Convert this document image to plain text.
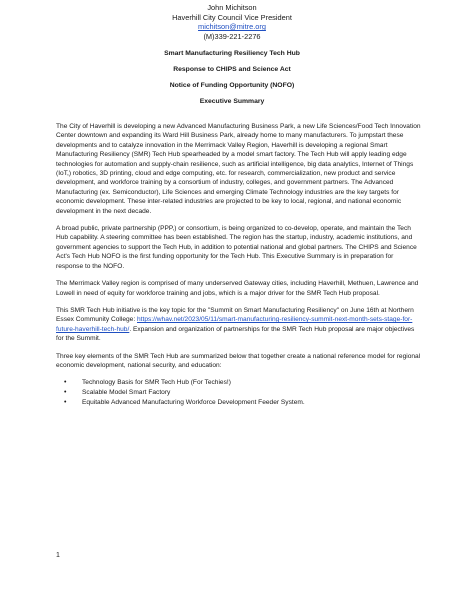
John Michitson
Haverhill City Council Vice President
michitson@mitre.org
(M)339-221-2276
Smart Manufacturing Resiliency Tech Hub
Response to CHIPS and Science Act
Notice of Funding Opportunity (NOFO)
Executive Summary

The City of Haverhill is developing a new Advanced Manufacturing Business Park, a new Life Sciences/Food Tech Innovation Center downtown and expanding its Ward Hill Business Park, already home to many manufacturers. To jumpstart these developments and to catalyze innovation in the Merrimack Valley Region, Haverhill is developing a regional Smart Manufacturing Resiliency (SMR) Tech Hub spearheaded by a model smart factory. The Tech Hub will apply leading edge technologies for automation and supply-chain resilience, such as artificial intelligence, big data analytics, Internet of Things (IoT,) robotics, 3D printing, cloud and edge computing, etc. for research, commercialization, new product and service development, and workforce training by a consortium of industry, colleges, and government partners. The Advanced Manufacturing (ex. Semiconductor), Life Sciences and emerging Climate Technology industries are the key targets for economic development. These inter-related industries are projected to be key to local, regional, and national economic development in the next decade.

A broad public, private partnership (PPP,) or consortium, is being organized to co-develop, operate, and maintain the Tech Hub capability. A steering committee has been established. The region has the startup, industry, academic institutions, and government agencies to support the Tech Hub, in addition to potential national and global partners. The CHIPS and Science Act's Tech Hub NOFO is the first funding opportunity for the Tech Hub. This Executive Summary is in preparation for response to the NOFO.

The Merrimack Valley region is comprised of many underserved Gateway cities, including Haverhill, Methuen, Lawrence and Lowell in need of equity for workforce training and jobs, which is a major driver for the SMR Tech Hub proposal.

This SMR Tech Hub initiative is the key topic for the "Summit on Smart Manufacturing Resiliency" on June 16th at Northern Essex Community College: https://whav.net/2023/05/11/smart-manufacturing-resiliency-summit-next-month-sets-stage-for-future-haverhill-tech-hub/. Expansion and organization of partnerships for the SMR Tech Hub proposal are major objectives for the Summit.

Three key elements of the SMR Tech Hub are summarized below that together create a national reference model for regional economic development, national security, and education:

• Technology Basis for SMR Tech Hub (For Techies!)
• Scalable Model Smart Factory
• Equitable Advanced Manufacturing Workforce Development Feeder System.
1
